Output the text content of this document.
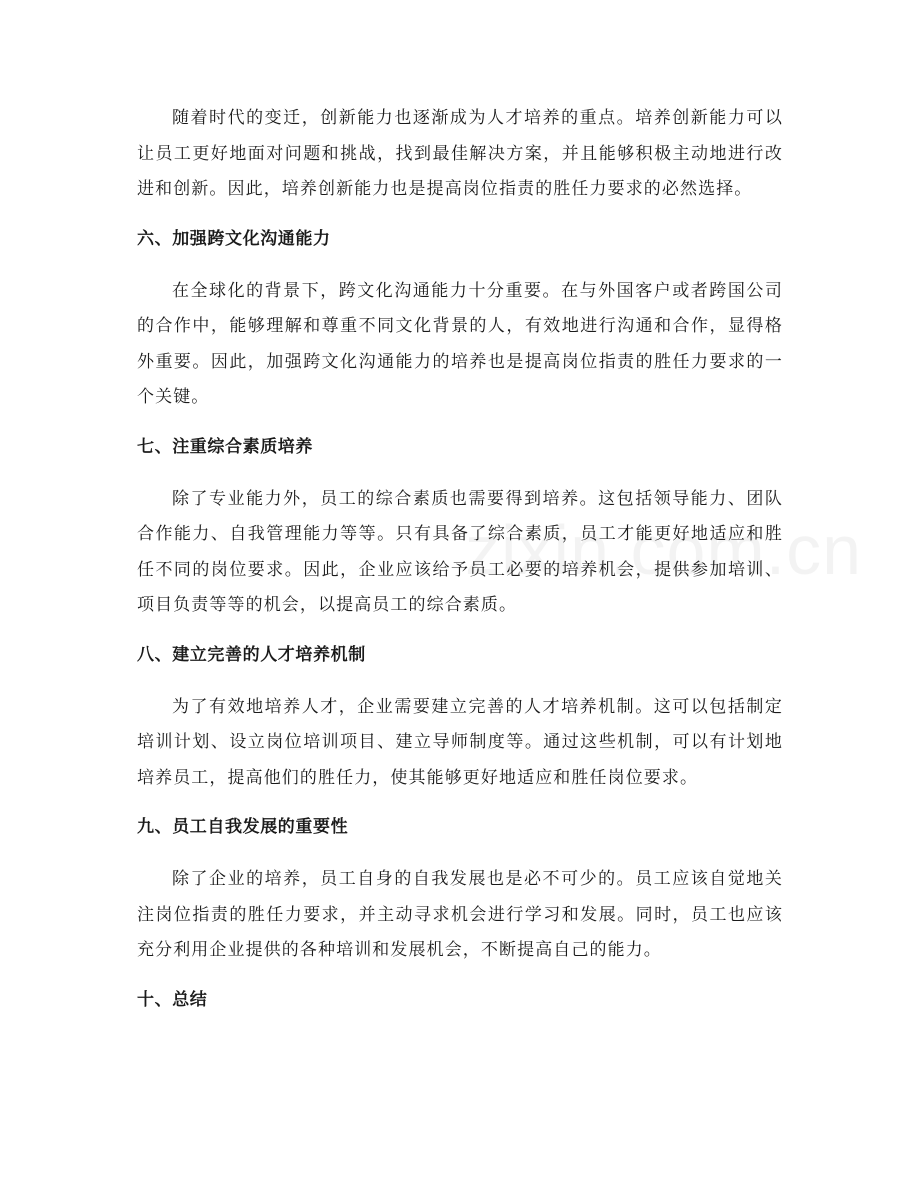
随着时代的变迁，创新能力也逐渐成为人才培养的重点。培养创新能力可以让员工更好地面对问题和挑战，找到最佳解决方案，并且能够积极主动地进行改进和创新。因此，培养创新能力也是提高岗位指责的胜任力要求的必然选择。

六、加强跨文化沟通能力

在全球化的背景下，跨文化沟通能力十分重要。在与外国客户或者跨国公司的合作中，能够理解和尊重不同文化背景的人，有效地进行沟通和合作，显得格外重要。因此，加强跨文化沟通能力的培养也是提高岗位指责的胜任力要求的一个关键。

七、注重综合素质培养

除了专业能力外，员工的综合素质也需要得到培养。这包括领导能力、团队合作能力、自我管理能力等等。只有具备了综合素质，员工才能更好地适应和胜任不同的岗位要求。因此，企业应该给予员工必要的培养机会，提供参加培训、项目负责等等的机会，以提高员工的综合素质。

八、建立完善的人才培养机制

为了有效地培养人才，企业需要建立完善的人才培养机制。这可以包括制定培训计划、设立岗位培训项目、建立导师制度等。通过这些机制，可以有计划地培养员工，提高他们的胜任力，使其能够更好地适应和胜任岗位要求。

九、员工自我发展的重要性

除了企业的培养，员工自身的自我发展也是必不可少的。员工应该自觉地关注岗位指责的胜任力要求，并主动寻求机会进行学习和发展。同时，员工也应该充分利用企业提供的各种培训和发展机会，不断提高自己的能力。

十、总结
